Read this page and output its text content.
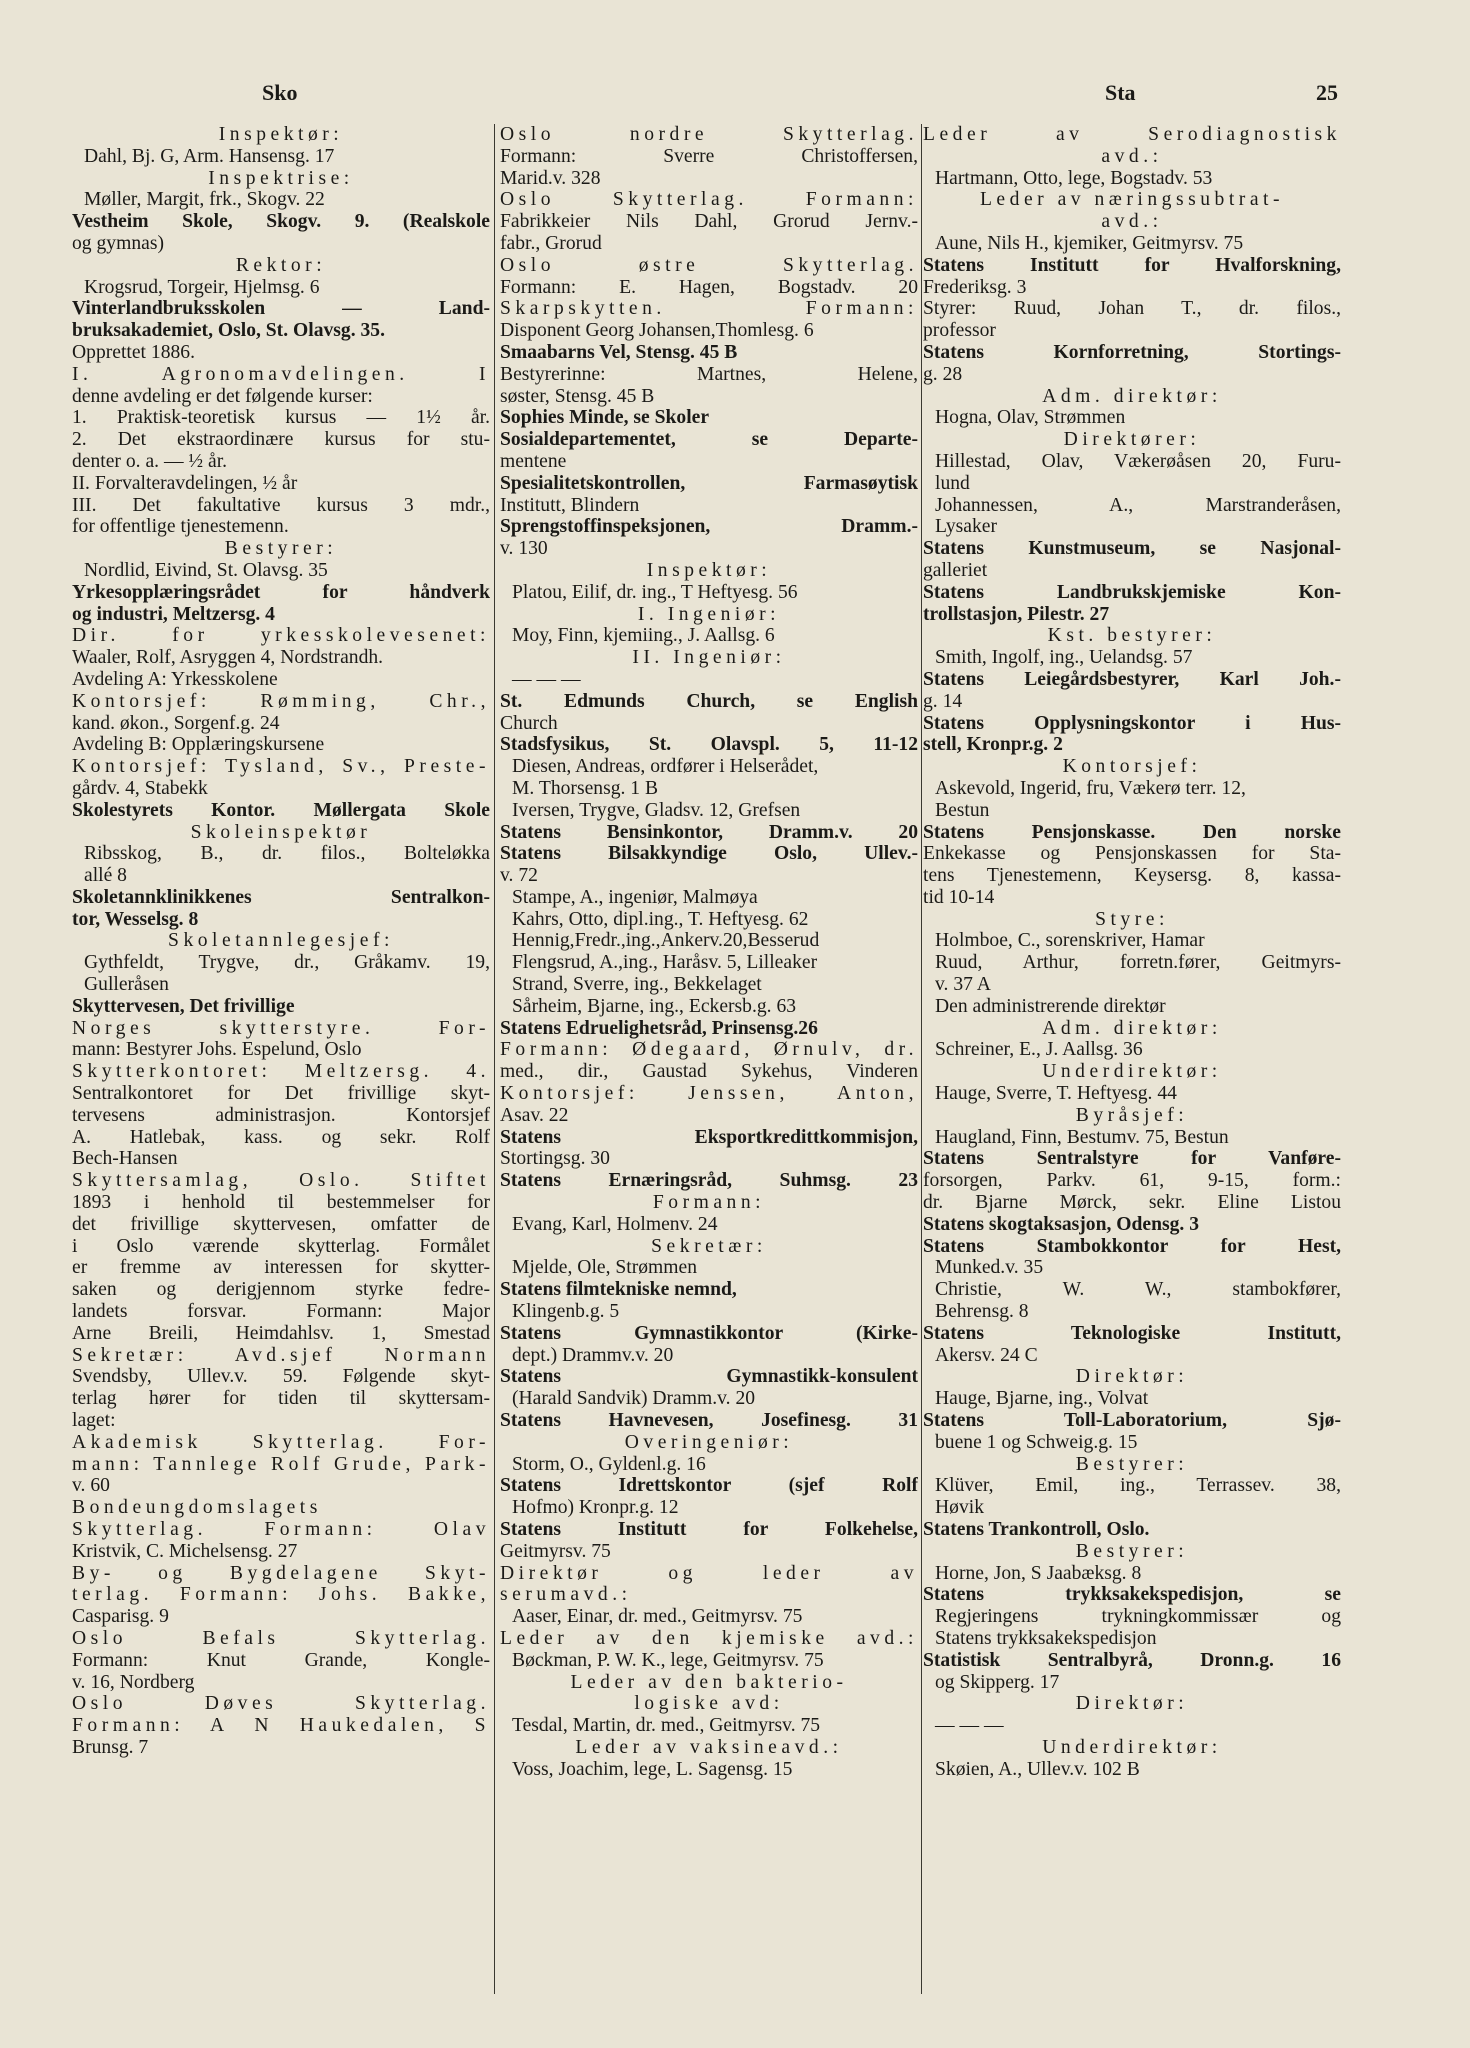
Sko	Sta	25

Inspektør:

Dahl, Bj. G, Arm. Hansensg. 17

Inspektrise:

Møller, Margit, frk., Skogv. 22

Vestheim Skole, Skogv. 9. (Realskole

og gymnas)

Rektor:

Krogsrud, Torgeir, Hjelmsg. 6

Vinterlandbruksskolen — Land-

bruksakademiet, Oslo, St. Olavsg. 35.

Opprettet 1886.

I. Agronomavdelingen. I

denne avdeling er det følgende kurser:

1. Praktisk-teoretisk kursus — 1½ år.

2. Det ekstraordinære kursus for stu-

denter o. a. — ½ år.

II. Forvalteravdelingen, ½ år

III. Det fakultative kursus 3 mdr.,

for offentlige tjenestemenn.

Bestyrer:

Nordlid, Eivind, St. Olavsg. 35

Yrkesopplæringsrådet for håndverk

og industri, Meltzersg. 4

Dir. for yrkesskolevesenet:

Waaler, Rolf, Asryggen 4, Nordstrandh.

Avdeling A: Yrkesskolene

Kontorsjef: Rømming, Chr.,

kand. økon., Sorgenf.g. 24

Avdeling B: Opplæringskursene

Kontorsjef: Tysland, Sv., Preste-

gårdv. 4, Stabekk

Skolestyrets Kontor. Møllergata Skole

Skoleinspektør

Ribsskog, B., dr. filos., Bolteløkka

allé 8

Skoletannklinikkenes Sentralkon-

tor, Wesselsg. 8

Skoletannlegesjef:

Gythfeldt, Trygve, dr., Gråkamv. 19,

Gulleråsen

Skyttervesen, Det frivillige

Norges skytterstyre. For-

mann: Bestyrer Johs. Espelund, Oslo

Skytterkontoret: Meltzersg. 4.

Sentralkontoret for Det frivillige skyt-

tervesens administrasjon. Kontorsjef

A. Hatlebak, kass. og sekr. Rolf

Bech-Hansen

Skyttersamlag, Oslo. Stiftet

1893 i henhold til bestemmelser for

det frivillige skyttervesen, omfatter de

i Oslo værende skytterlag. Formålet

er fremme av interessen for skytter-

saken og derigjennom styrke fedre-

landets forsvar. Formann: Major

Arne Breili, Heimdahlsv. 1, Smestad

Sekretær: Avd.sjef Normann

Svendsby, Ullev.v. 59. Følgende skyt-

terlag hører for tiden til skyttersam-

laget:

Akademisk Skytterlag. For-

mann: Tannlege Rolf Grude, Park-

v. 60

Bondeungdomslagets

Skytterlag. Formann: Olav

Kristvik, C. Michelsensg. 27

By- og Bygdelagene Skyt-

terlag. Formann: Johs. Bakke,

Casparisg. 9

Oslo Befals Skytterlag.

Formann: Knut Grande, Kongle-

v. 16, Nordberg

Oslo Døves Skytterlag.

Formann: A N Haukedalen, S

Brunsg. 7

Oslo nordre Skytterlag.

Formann: Sverre Christoffersen,

Marid.v. 328

Oslo Skytterlag. Formann:

Fabrikkeier Nils Dahl, Grorud Jernv.-

fabr., Grorud

Oslo østre Skytterlag.

Formann: E. Hagen, Bogstadv. 20

Skarpskytten. Formann:

Disponent Georg Johansen,Thomlesg. 6

Smaabarns Vel, Stensg. 45 B

Bestyrerinne: Martnes, Helene,

søster, Stensg. 45 B

Sophies Minde, se Skoler

Sosialdepartementet, se Departe-

mentene

Spesialitetskontrollen, Farmasøytisk

Institutt, Blindern

Sprengstoffinspeksjonen, Dramm.-

v. 130

Inspektør:

Platou, Eilif, dr. ing., T Heftyesg. 56

I. Ingeniør:

Moy, Finn, kjemiing., J. Aallsg. 6

II. Ingeniør:

— — —

St. Edmunds Church, se English

Church

Stadsfysikus, St. Olavspl. 5, 11-12

Diesen, Andreas, ordfører i Helserådet,

M. Thorsensg. 1 B

Iversen, Trygve, Gladsv. 12, Grefsen

Statens Bensinkontor, Dramm.v. 20

Statens Bilsakkyndige Oslo, Ullev.-

v. 72

Stampe, A., ingeniør, Malmøya

Kahrs, Otto, dipl.ing., T. Heftyesg. 62

Hennig,Fredr.,ing.,Ankerv.20,Besserud

Flengsrud, A.,ing., Haråsv. 5, Lilleaker

Strand, Sverre, ing., Bekkelaget

Sårheim, Bjarne, ing., Eckersb.g. 63

Statens Edruelighetsråd, Prinsensg.26

Formann: Ødegaard, Ørnulv, dr.

med., dir., Gaustad Sykehus, Vinderen

Kontorsjef: Jenssen, Anton,

Asav. 22

Statens Eksportkredittkommisjon,

Stortingsg. 30

Statens Ernæringsråd, Suhmsg. 23

Formann:

Evang, Karl, Holmenv. 24

Sekretær:

Mjelde, Ole, Strømmen

Statens filmtekniske nemnd,

Klingenb.g. 5

Statens Gymnastikkontor (Kirke-

dept.) Drammv.v. 20

Statens Gymnastikk-konsulent

(Harald Sandvik) Dramm.v. 20

Statens Havnevesen, Josefinesg. 31

Overingeniør:

Storm, O., Gyldenl.g. 16

Statens Idrettskontor (sjef Rolf

Hofmo) Kronpr.g. 12

Statens Institutt for Folkehelse,

Geitmyrsv. 75

Direktør og leder av

serumavd.:

Aaser, Einar, dr. med., Geitmyrsv. 75

Leder av den kjemiske avd.:

Bøckman, P. W. K., lege, Geitmyrsv. 75

Leder av den bakterio-

logiske avd:

Tesdal, Martin, dr. med., Geitmyrsv. 75

Leder av vaksineavd.:

Voss, Joachim, lege, L. Sagensg. 15

Leder av Serodiagnostisk

avd.:

Hartmann, Otto, lege, Bogstadv. 53

Leder av næringssubtrat-

avd.:

Aune, Nils H., kjemiker, Geitmyrsv. 75

Statens Institutt for Hvalforskning,

Frederiksg. 3

Styrer: Ruud, Johan T., dr. filos.,

professor

Statens Kornforretning, Stortings-

g. 28

Adm. direktør:

Hogna, Olav, Strømmen

Direktører:

Hillestad, Olav, Vækerøåsen 20, Furu-

lund

Johannessen, A., Marstranderåsen,

Lysaker

Statens Kunstmuseum, se Nasjonal-

galleriet

Statens Landbrukskjemiske Kon-

trollstasjon, Pilestr. 27

Kst. bestyrer:

Smith, Ingolf, ing., Uelandsg. 57

Statens Leiegårdsbestyrer, Karl Joh.-

g. 14

Statens Opplysningskontor i Hus-

stell, Kronpr.g. 2

Kontorsjef:

Askevold, Ingerid, fru, Vækerø terr. 12,

Bestun

Statens Pensjonskasse. Den norske

Enkekasse og Pensjonskassen for Sta-

tens Tjenestemenn, Keysersg. 8, kassa-

tid 10-14

Styre:

Holmboe, C., sorenskriver, Hamar

Ruud, Arthur, forretn.fører, Geitmyrs-

v. 37 A

Den administrerende direktør

Adm. direktør:

Schreiner, E., J. Aallsg. 36

Underdirektør:

Hauge, Sverre, T. Heftyesg. 44

Byråsjef:

Haugland, Finn, Bestumv. 75, Bestun

Statens Sentralstyre for Vanføre-

forsorgen, Parkv. 61, 9-15, form.:

dr. Bjarne Mørck, sekr. Eline Listou

Statens skogtaksasjon, Odensg. 3

Statens Stambokkontor for Hest,

Munked.v. 35

Christie, W. W., stambokfører,

Behrensg. 8

Statens Teknologiske Institutt,

Akersv. 24 C

Direktør:

Hauge, Bjarne, ing., Volvat

Statens Toll-Laboratorium, Sjø-

buene 1 og Schweig.g. 15

Bestyrer:

Klüver, Emil, ing., Terrassev. 38,

Høvik

Statens Trankontroll, Oslo.

Bestyrer:

Horne, Jon, S Jaabæksg. 8

Statens trykksakekspedisjon, se

Regjeringens trykningkommissær og

Statens trykksakekspedisjon

Statistisk Sentralbyrå, Dronn.g. 16

og Skipperg. 17

Direktør:

— — —

Underdirektør:

Skøien, A., Ullev.v. 102 B
